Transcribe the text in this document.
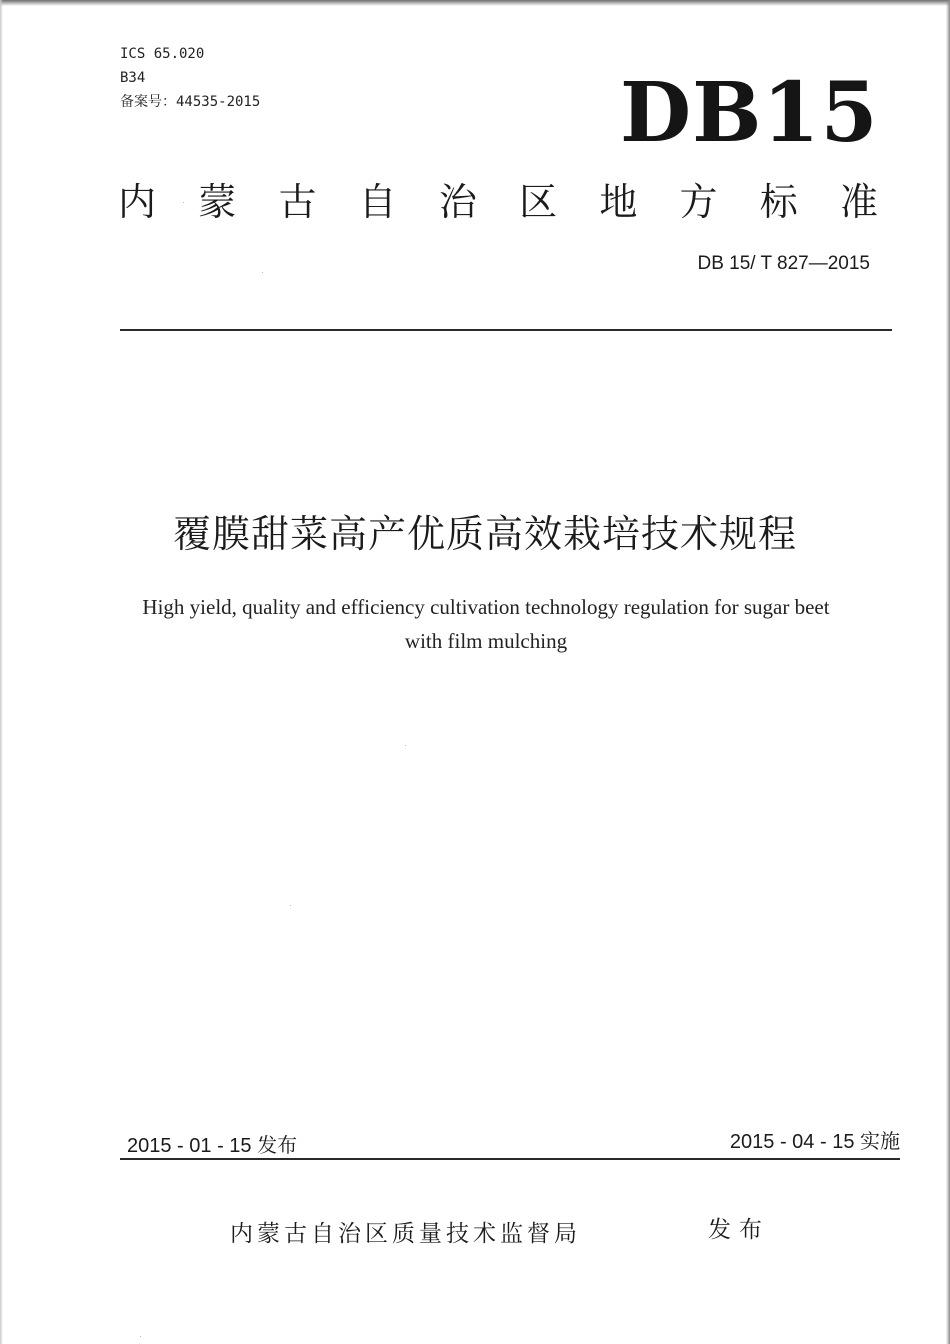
ICS 65.020
B34
备案号：44535-2015	DB15
内 蒙 古 自 治 区 地 方 标 准
DB 15/ T 827—2015
覆膜甜菜高产优质高效栽培技术规程
High yield, quality and efficiency cultivation technology regulation for sugar beet
with film mulching
2015 - 01 - 15 发布	2015 - 04 - 15 实施
内蒙古自治区质量技术监督局	发布
